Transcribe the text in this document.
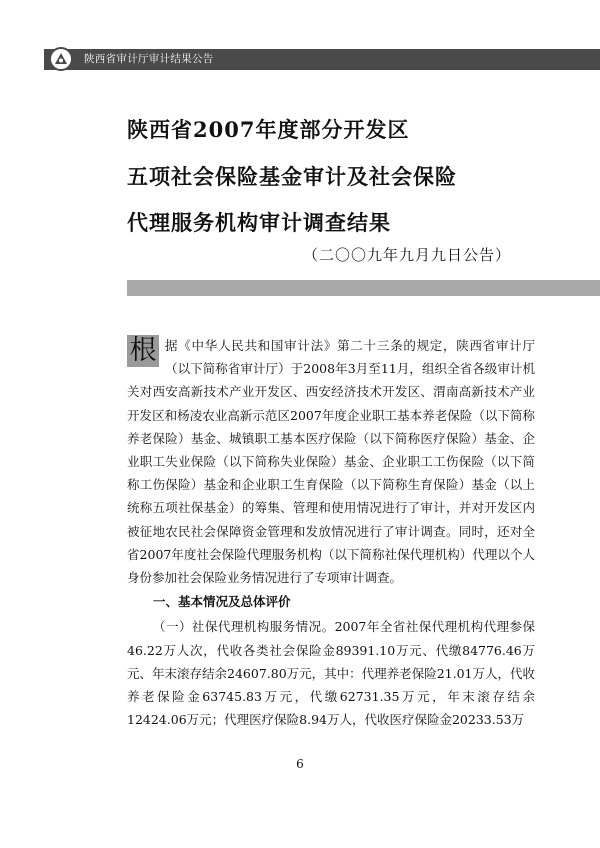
陕西省审计厅审计结果公告
陕西省2007年度部分开发区
五项社会保险基金审计及社会保险
代理服务机构审计调查结果
（二〇〇九年九月九日公告）

根 据《中华人民共和国审计法》第二十三条的规定，陕西省审计厅（以下简称省审计厅）于2008年3月至11月，组织全省各级审计机关对西安高新技术产业开发区、西安经济技术开发区、渭南高新技术产业开发区和杨凌农业高新示范区2007年度企业职工基本养老保险（以下简称养老保险）基金、城镇职工基本医疗保险（以下简称医疗保险）基金、企业职工失业保险（以下简称失业保险）基金、企业职工工伤保险（以下简称工伤保险）基金和企业职工生育保险（以下简称生育保险）基金（以上统称五项社保基金）的筹集、管理和使用情况进行了审计，并对开发区内被征地农民社会保障资金管理和发放情况进行了审计调查。同时，还对全省2007年度社会保险代理服务机构（以下简称社保代理机构）代理以个人身份参加社会保险业务情况进行了专项审计调查。

一、基本情况及总体评价

（一）社保代理机构服务情况。2007年全省社保代理机构代理参保46.22万人次，代收各类社会保险金89391.10万元、代缴84776.46万元、年末滚存结余24607.80万元，其中：代理养老保险21.01万人，代收养老保险金63745.83万元，代缴62731.35万元，年末滚存结余12424.06万元；代理医疗保险8.94万人，代收医疗保险金20233.53万

6
